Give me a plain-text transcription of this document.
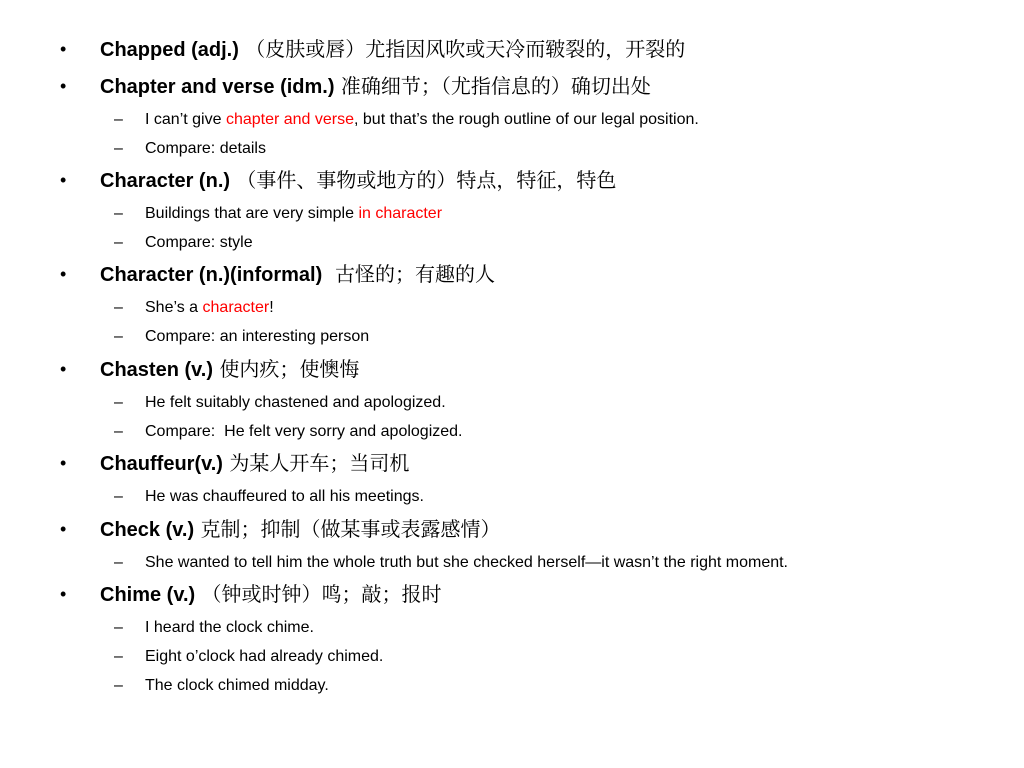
• Chapped (adj.) （皮肤或唇）尤指因风吹或天冷而皲裂的，开裂的
• Chapter and verse (idm.) 准确细节；（尤指信息的）确切出处
– I can’t give chapter and verse, but that’s the rough outline of our legal position.
– Compare: details
• Character (n.) （事件、事物或地方的）特点，特征，特色
– Buildings that are very simple in character
– Compare: style
• Character (n.)(informal)  古怪的；有趣的人
– She’s a character!
– Compare: an interesting person
• Chasten (v.) 使内疚；使懊悔
– He felt suitably chastened and apologized.
– Compare:  He felt very sorry and apologized.
• Chauffeur(v.) 为某人开车；当司机
– He was chauffeured to all his meetings.
• Check (v.) 克制；抑制（做某事或表露感情）
– She wanted to tell him the whole truth but she checked herself—it wasn’t the right moment.
• Chime (v.) （钟或时钟）鸣；敲；报时
– I heard the clock chime.
– Eight o’clock had already chimed.
– The clock chimed midday.
